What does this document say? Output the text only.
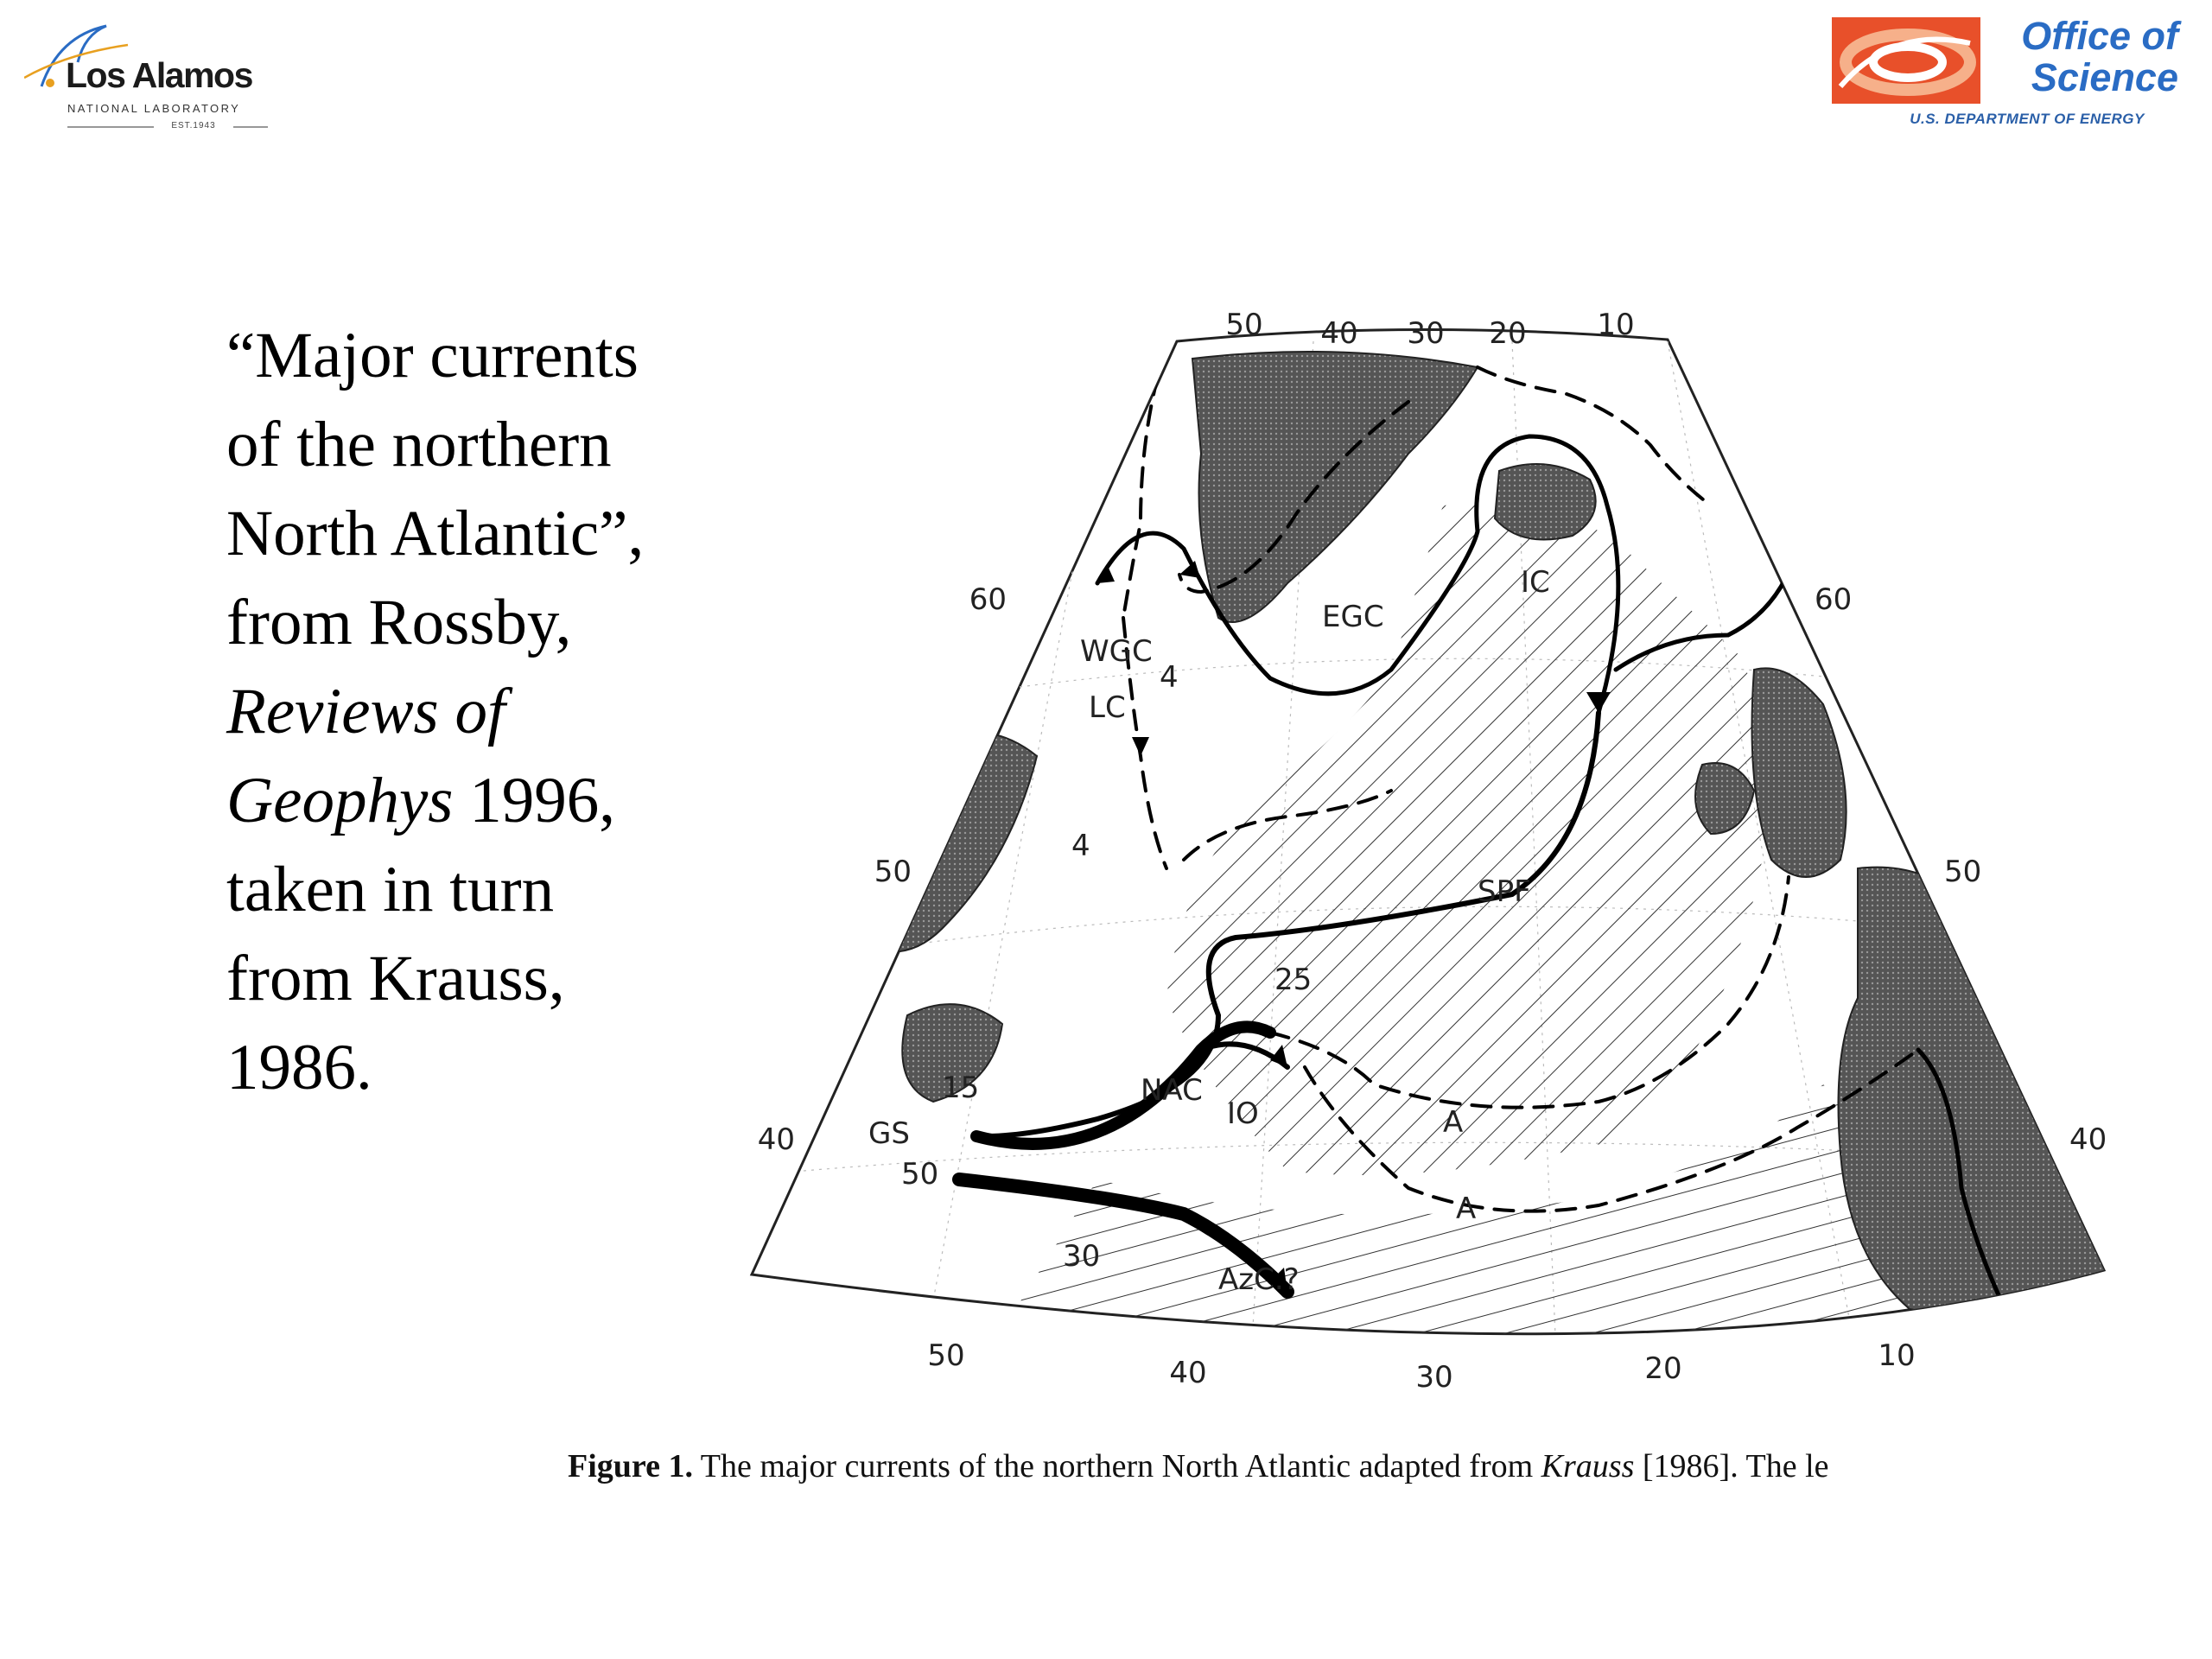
Los Alamos
NATIONAL LABORATORY
EST.1943
Office of
Science
U.S. DEPARTMENT OF ENERGY
“Major currents
of the northern
North Atlantic”,
from Rossby,
Reviews of
Geophys 1996,
taken in turn
from Krauss,
1986.
50 40 30 20 10
50	40	30	20	10
60
50
40
60
50
40
WGC
LC
EGC
IC
SPF
NAC
GS
AzC.?
4
4
25
15
50
30
IO	A
A
Figure 1. The major currents of the northern North Atlantic adapted from Krauss [1986]. The le
